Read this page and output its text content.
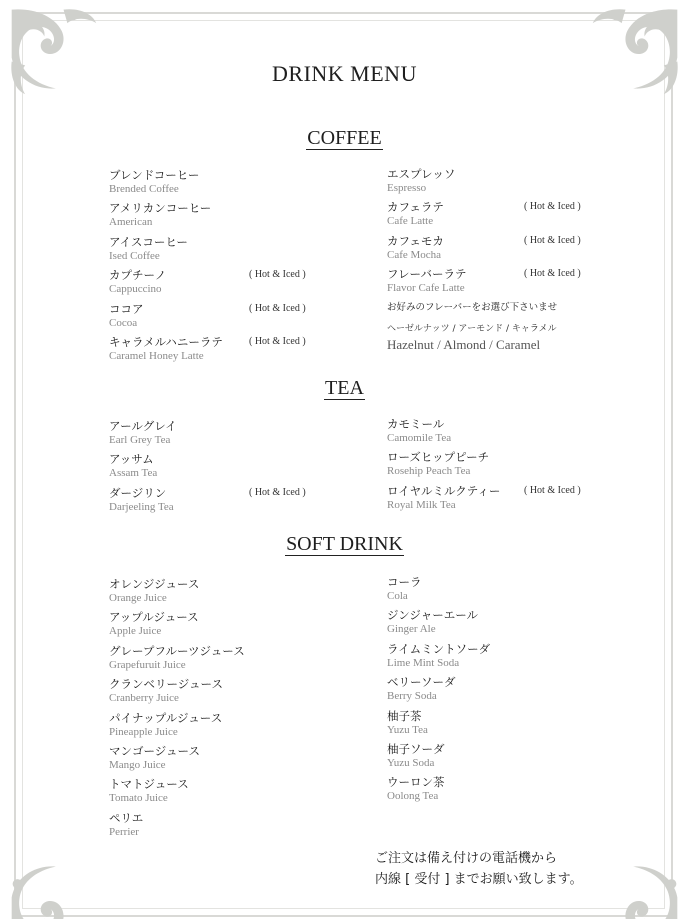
DRINK MENU
COFFEE
ブレンドコーヒー
Brended Coffee
アメリカンコーヒー
American
アイスコーヒー
Ised Coffee
カプチーノ
Cappuccino
( Hot & Iced )
ココア
Cocoa
( Hot & Iced )
キャラメルハニーラテ
Caramel Honey Latte
( Hot & Iced )
エスプレッソ
Espresso
カフェラテ
Cafe Latte
( Hot & Iced )
カフェモカ
Cafe Mocha
( Hot & Iced )
フレーバーラテ
Flavor Cafe Latte
( Hot & Iced )
お好みのフレーバーをお選び下さいませ
ヘーゼルナッツ / アーモンド / キャラメル
Hazelnut / Almond / Caramel
TEA
アールグレイ
Earl Grey Tea
アッサム
Assam Tea
ダージリン
Darjeeling Tea
( Hot & Iced )
カモミール
Camomile Tea
ローズヒップピーチ
Rosehip Peach Tea
ロイヤルミルクティー
Royal Milk Tea
( Hot & Iced )
SOFT DRINK
オレンジジュース
Orange Juice
アップルジュース
Apple Juice
グレープフルーツジュース
Grapefuruit Juice
クランベリージュース
Cranberry Juice
パイナップルジュース
Pineapple Juice
マンゴージュース
Mango Juice
トマトジュース
Tomato Juice
ペリエ
Perrier
コーラ
Cola
ジンジャーエール
Ginger Ale
ライムミントソーダ
Lime Mint Soda
ベリーソーダ
Berry Soda
柚子茶
Yuzu Tea
柚子ソーダ
Yuzu Soda
ウーロン茶
Oolong Tea
ご注文は備え付けの電話機から
内線 [ 受付 ] までお願い致します。
